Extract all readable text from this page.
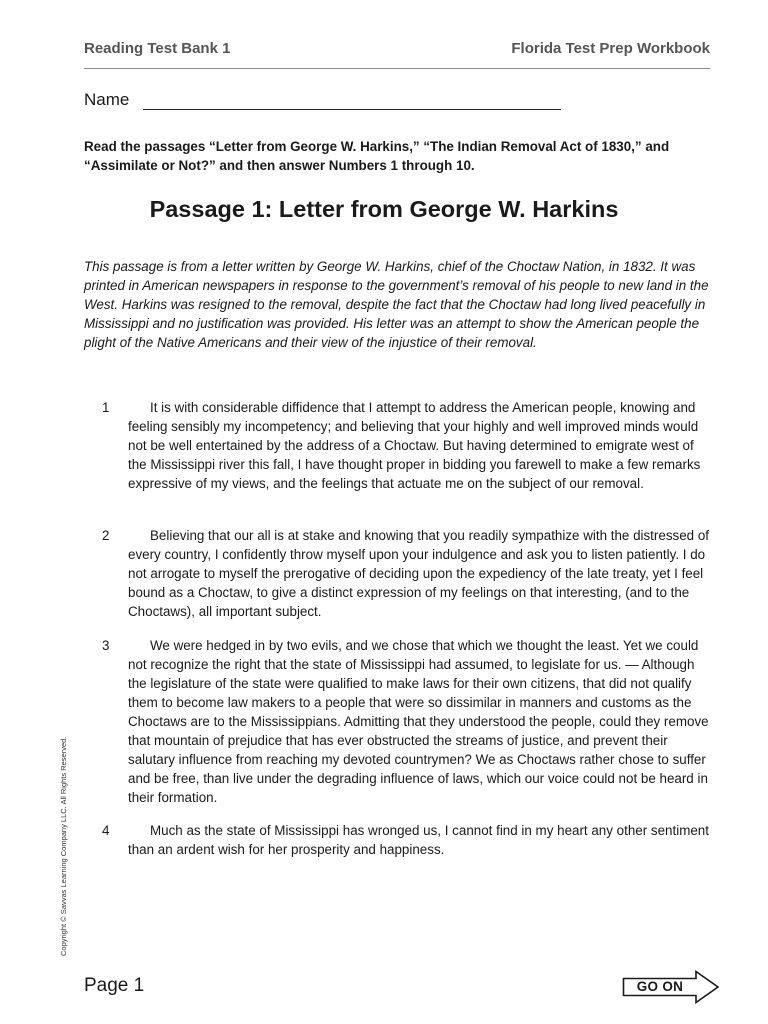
Reading Test Bank 1	Florida Test Prep Workbook
Name

Read the passages “Letter from George W. Harkins,” “The Indian Removal Act of 1830,” and “Assimilate or Not?” and then answer Numbers 1 through 10.

Passage 1: Letter from George W. Harkins

This passage is from a letter written by George W. Harkins, chief of the Choctaw Nation, in 1832. It was printed in American newspapers in response to the government’s removal of his people to new land in the West. Harkins was resigned to the removal, despite the fact that the Choctaw had long lived peacefully in Mississippi and no justification was provided. His letter was an attempt to show the American people the plight of the Native Americans and their view of the injustice of their removal.

1	It is with considerable diffidence that I attempt to address the American people, knowing and feeling sensibly my incompetency; and believing that your highly and well improved minds would not be well entertained by the address of a Choctaw. But having determined to emigrate west of the Mississippi river this fall, I have thought proper in bidding you farewell to make a few remarks expressive of my views, and the feelings that actuate me on the subject of our removal.

2	Believing that our all is at stake and knowing that you readily sympathize with the distressed of every country, I confidently throw myself upon your indulgence and ask you to listen patiently. I do not arrogate to myself the prerogative of deciding upon the expediency of the late treaty, yet I feel bound as a Choctaw, to give a distinct expression of my feelings on that interesting, (and to the Choctaws), all important subject.

3	We were hedged in by two evils, and we chose that which we thought the least. Yet we could not recognize the right that the state of Mississippi had assumed, to legislate for us. — Although the legislature of the state were qualified to make laws for their own citizens, that did not qualify them to become law makers to a people that were so dissimilar in manners and customs as the Choctaws are to the Mississippians. Admitting that they understood the people, could they remove that mountain of prejudice that has ever obstructed the streams of justice, and prevent their salutary influence from reaching my devoted countrymen? We as Choctaws rather chose to suffer and be free, than live under the degrading influence of laws, which our voice could not be heard in their formation.

4	Much as the state of Mississippi has wronged us, I cannot find in my heart any other sentiment than an ardent wish for her prosperity and happiness.

Copyright © Savvas Learning Company LLC. All Rights Reserved.
Page 1	GO ON
